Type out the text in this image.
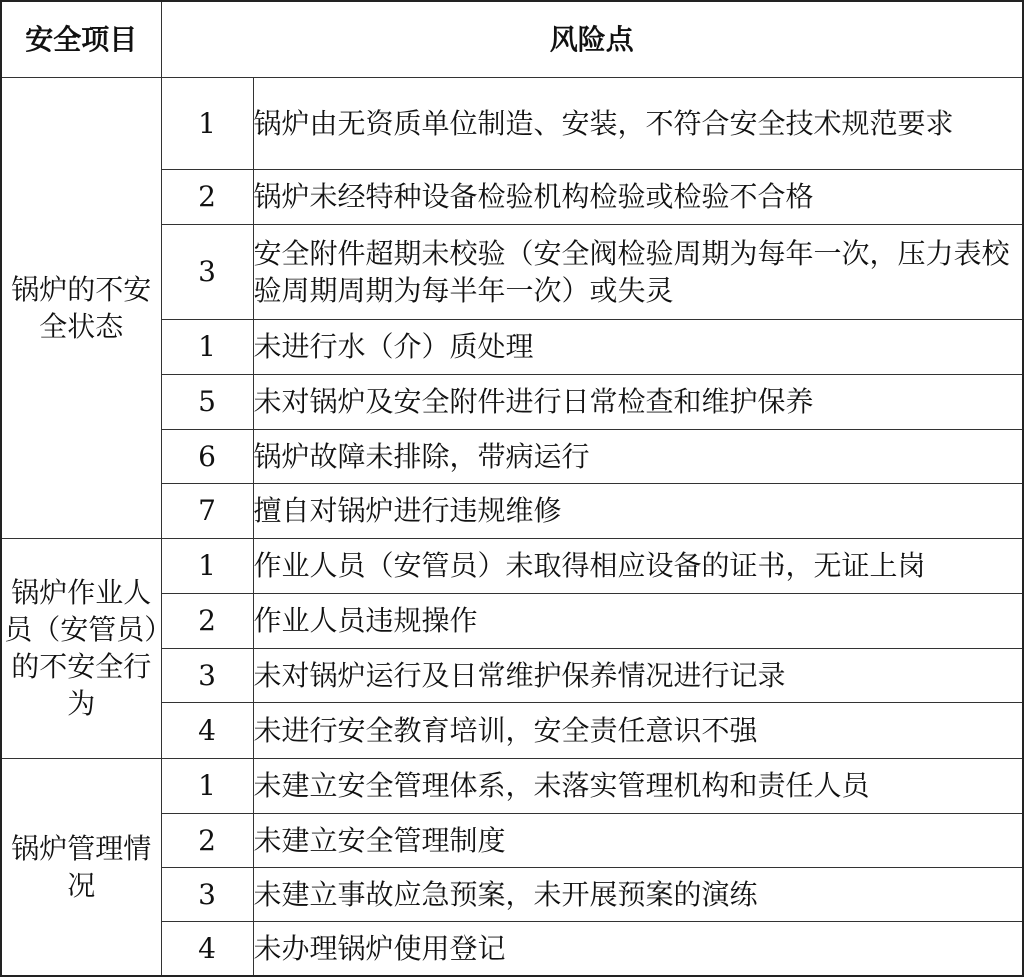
安全项目	风险点	
锅炉的不安全状态	1	锅炉由无资质单位制造、安装，不符合安全技术规范要求
	2	锅炉未经特种设备检验机构检验或检验不合格
	3	安全附件超期未校验（安全阀检验周期为每年一次，压力表校验周期周期为每半年一次）或失灵
	1	未进行水（介）质处理
	5	未对锅炉及安全附件进行日常检查和维护保养
	6	锅炉故障未排除，带病运行
	7	擅自对锅炉进行违规维修
锅炉作业人员（安管员）的不安全行为	1	作业人员（安管员）未取得相应设备的证书，无证上岗
	2	作业人员违规操作
	3	未对锅炉运行及日常维护保养情况进行记录
	4	未进行安全教育培训，安全责任意识不强
锅炉管理情况	1	未建立安全管理体系，未落实管理机构和责任人员
	2	未建立安全管理制度
	3	未建立事故应急预案，未开展预案的演练
	4	未办理锅炉使用登记
